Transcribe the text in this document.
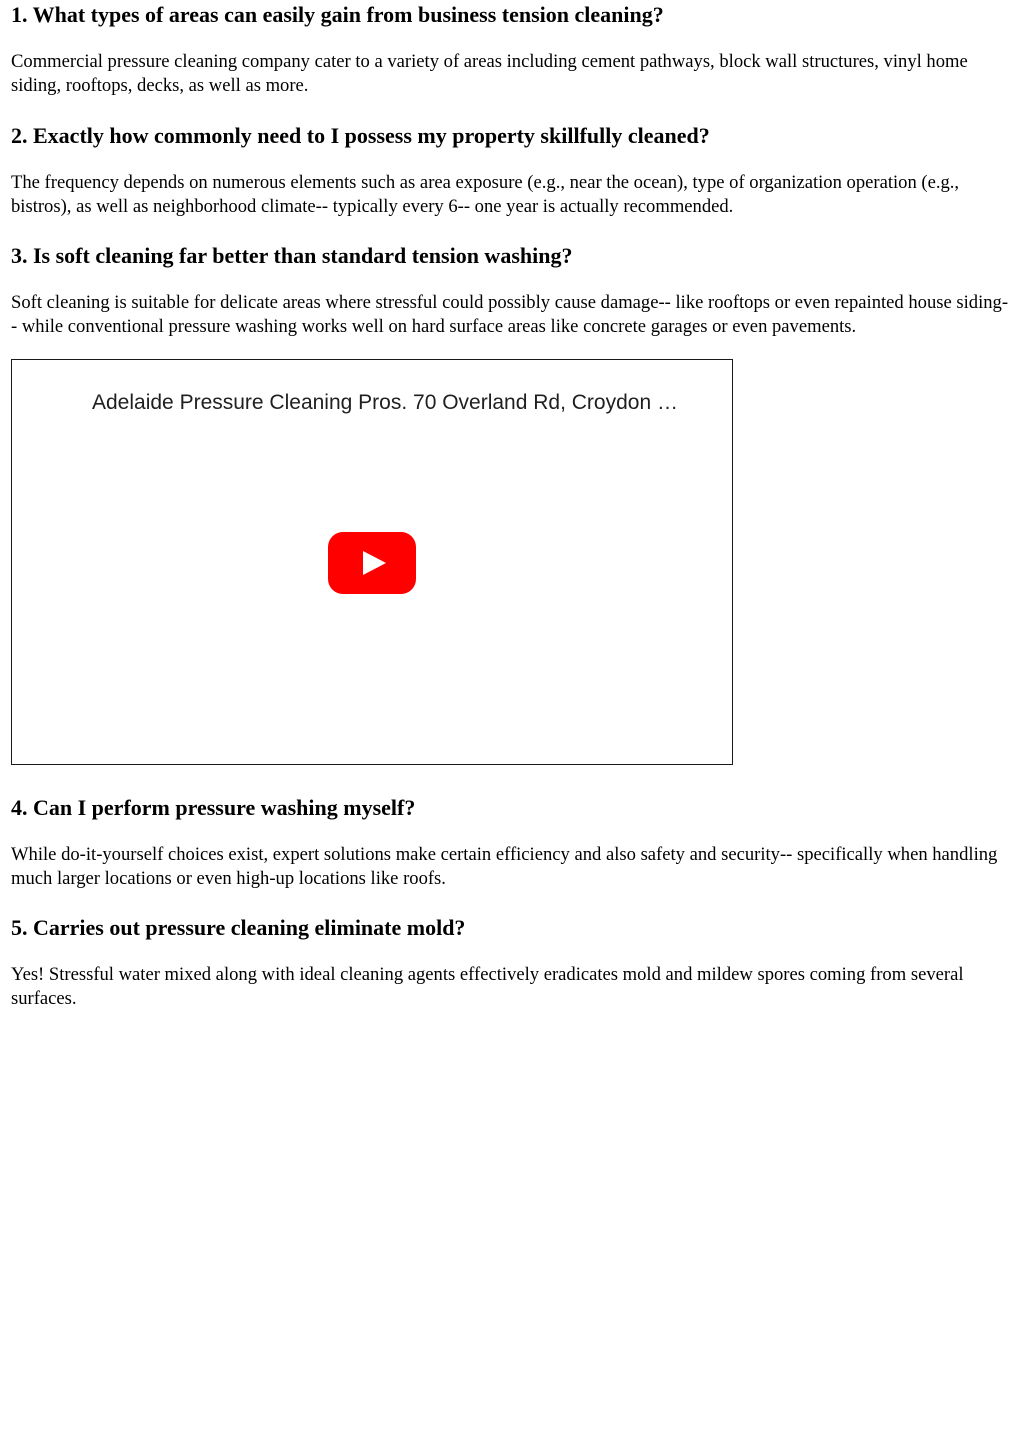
1. What types of areas can easily gain from business tension cleaning?

Commercial pressure cleaning company cater to a variety of areas including cement pathways, block wall structures, vinyl home siding, rooftops, decks, as well as more.

2. Exactly how commonly need to I possess my property skillfully cleaned?

The frequency depends on numerous elements such as area exposure (e.g., near the ocean), type of organization operation (e.g., bistros), as well as neighborhood climate-- typically every 6-- one year is actually recommended.

3. Is soft cleaning far better than standard tension washing?

Soft cleaning is suitable for delicate areas where stressful could possibly cause damage-- like rooftops or even repainted house siding-- while conventional pressure washing works well on hard surface areas like concrete garages or even pavements.

Adelaide Pressure Cleaning Pros. 70 Overland Rd, Croydon …
4. Can I perform pressure washing myself?

While do-it-yourself choices exist, expert solutions make certain efficiency and also safety and security-- specifically when handling much larger locations or even high-up locations like roofs.

5. Carries out pressure cleaning eliminate mold?

Yes! Stressful water mixed along with ideal cleaning agents effectively eradicates mold and mildew spores coming from several surfaces.
